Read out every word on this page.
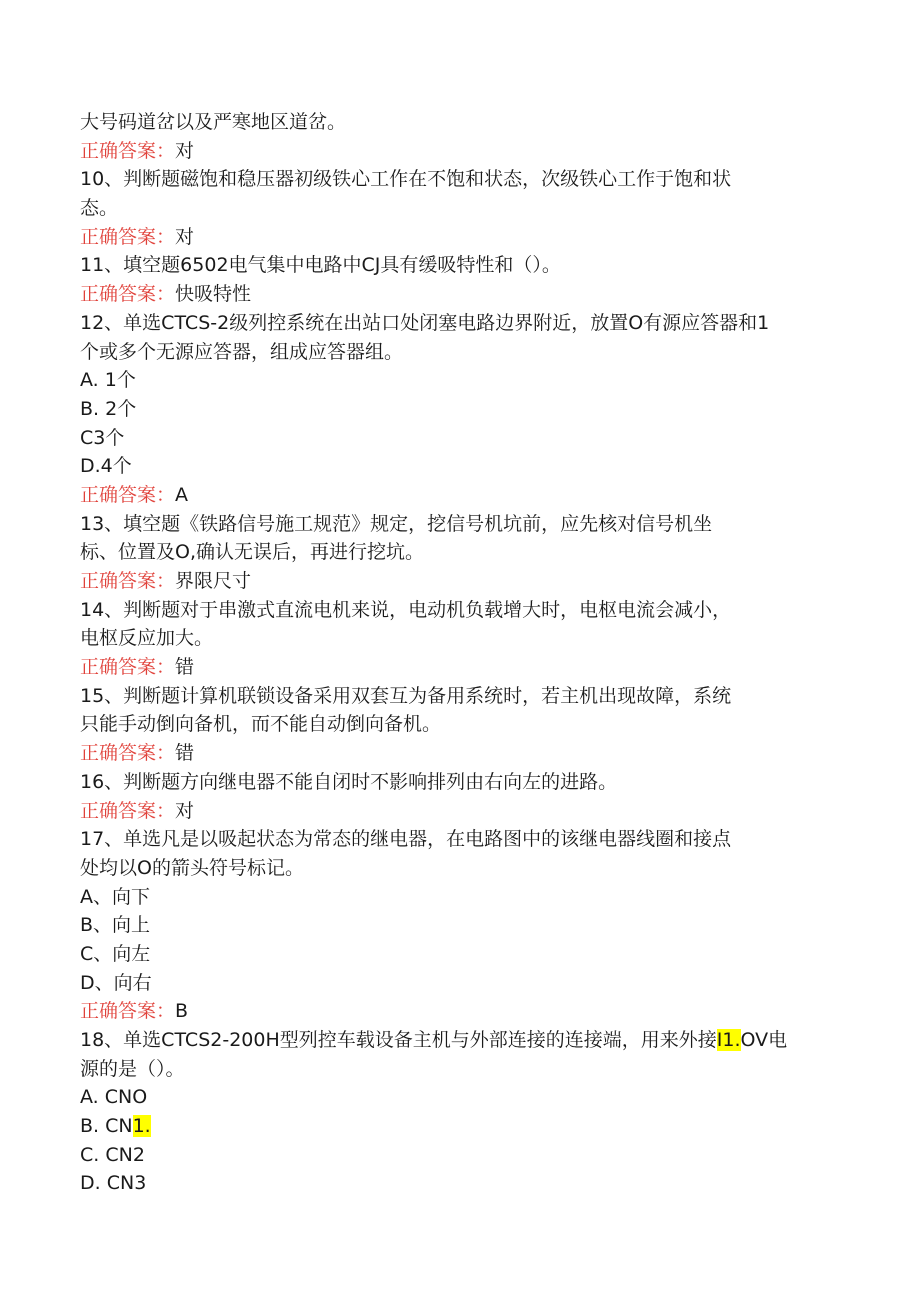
大号码道岔以及严寒地区道岔。
正确答案：对
10、判断题磁饱和稳压器初级铁心工作在不饱和状态，次级铁心工作于饱和状
态。
正确答案：对
11、填空题6502电气集中电路中CJ具有缓吸特性和（）。
正确答案：快吸特性
12、单选CTCS-2级列控系统在出站口处闭塞电路边界附近，放置O有源应答器和1
个或多个无源应答器，组成应答器组。
A. 1个
B. 2个
C3个
D.4个
正确答案：A
13、填空题《铁路信号施工规范》规定，挖信号机坑前，应先核对信号机坐
标、位置及O,确认无误后，再进行挖坑。
正确答案：界限尺寸
14、判断题对于串激式直流电机来说，电动机负载增大时，电枢电流会减小，
电枢反应加大。
正确答案：错
15、判断题计算机联锁设备采用双套互为备用系统时，若主机出现故障，系统
只能手动倒向备机，而不能自动倒向备机。
正确答案：错
16、判断题方向继电器不能自闭时不影响排列由右向左的进路。
正确答案：对
17、单选凡是以吸起状态为常态的继电器，在电路图中的该继电器线圈和接点
处均以O的箭头符号标记。
A、向下
B、向上
C、向左
D、向右
正确答案：B
18、单选CTCS2-200H型列控车载设备主机与外部连接的连接端，用来外接I1.OV电
源的是（）。
A. CNO
B. CN1.
C. CN2
D. CN3
